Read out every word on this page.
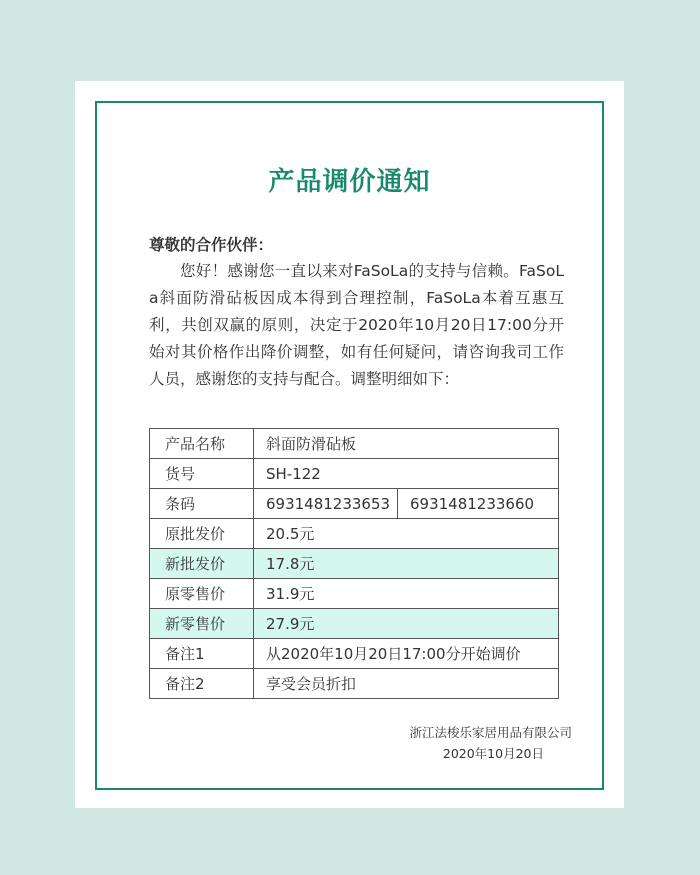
产品调价通知
尊敬的合作伙伴：
您好！感谢您一直以来对FaSoLa的支持与信赖。FaSoLa斜面防滑砧板因成本得到合理控制，FaSoLa本着互惠互利，共创双赢的原则，决定于2020年10月20日17:00分开始对其价格作出降价调整，如有任何疑问，请咨询我司工作人员，感谢您的支持与配合。调整明细如下：
产品名称	斜面防滑砧板	
货号	SH-122	
条码	6931481233653	6931481233660
原批发价	20.5元	
新批发价	17.8元	
原零售价	31.9元	
新零售价	27.9元	
备注1	从2020年10月20日17:00分开始调价	
备注2	享受会员折扣	
浙江法梭乐家居用品有限公司
2020年10月20日
